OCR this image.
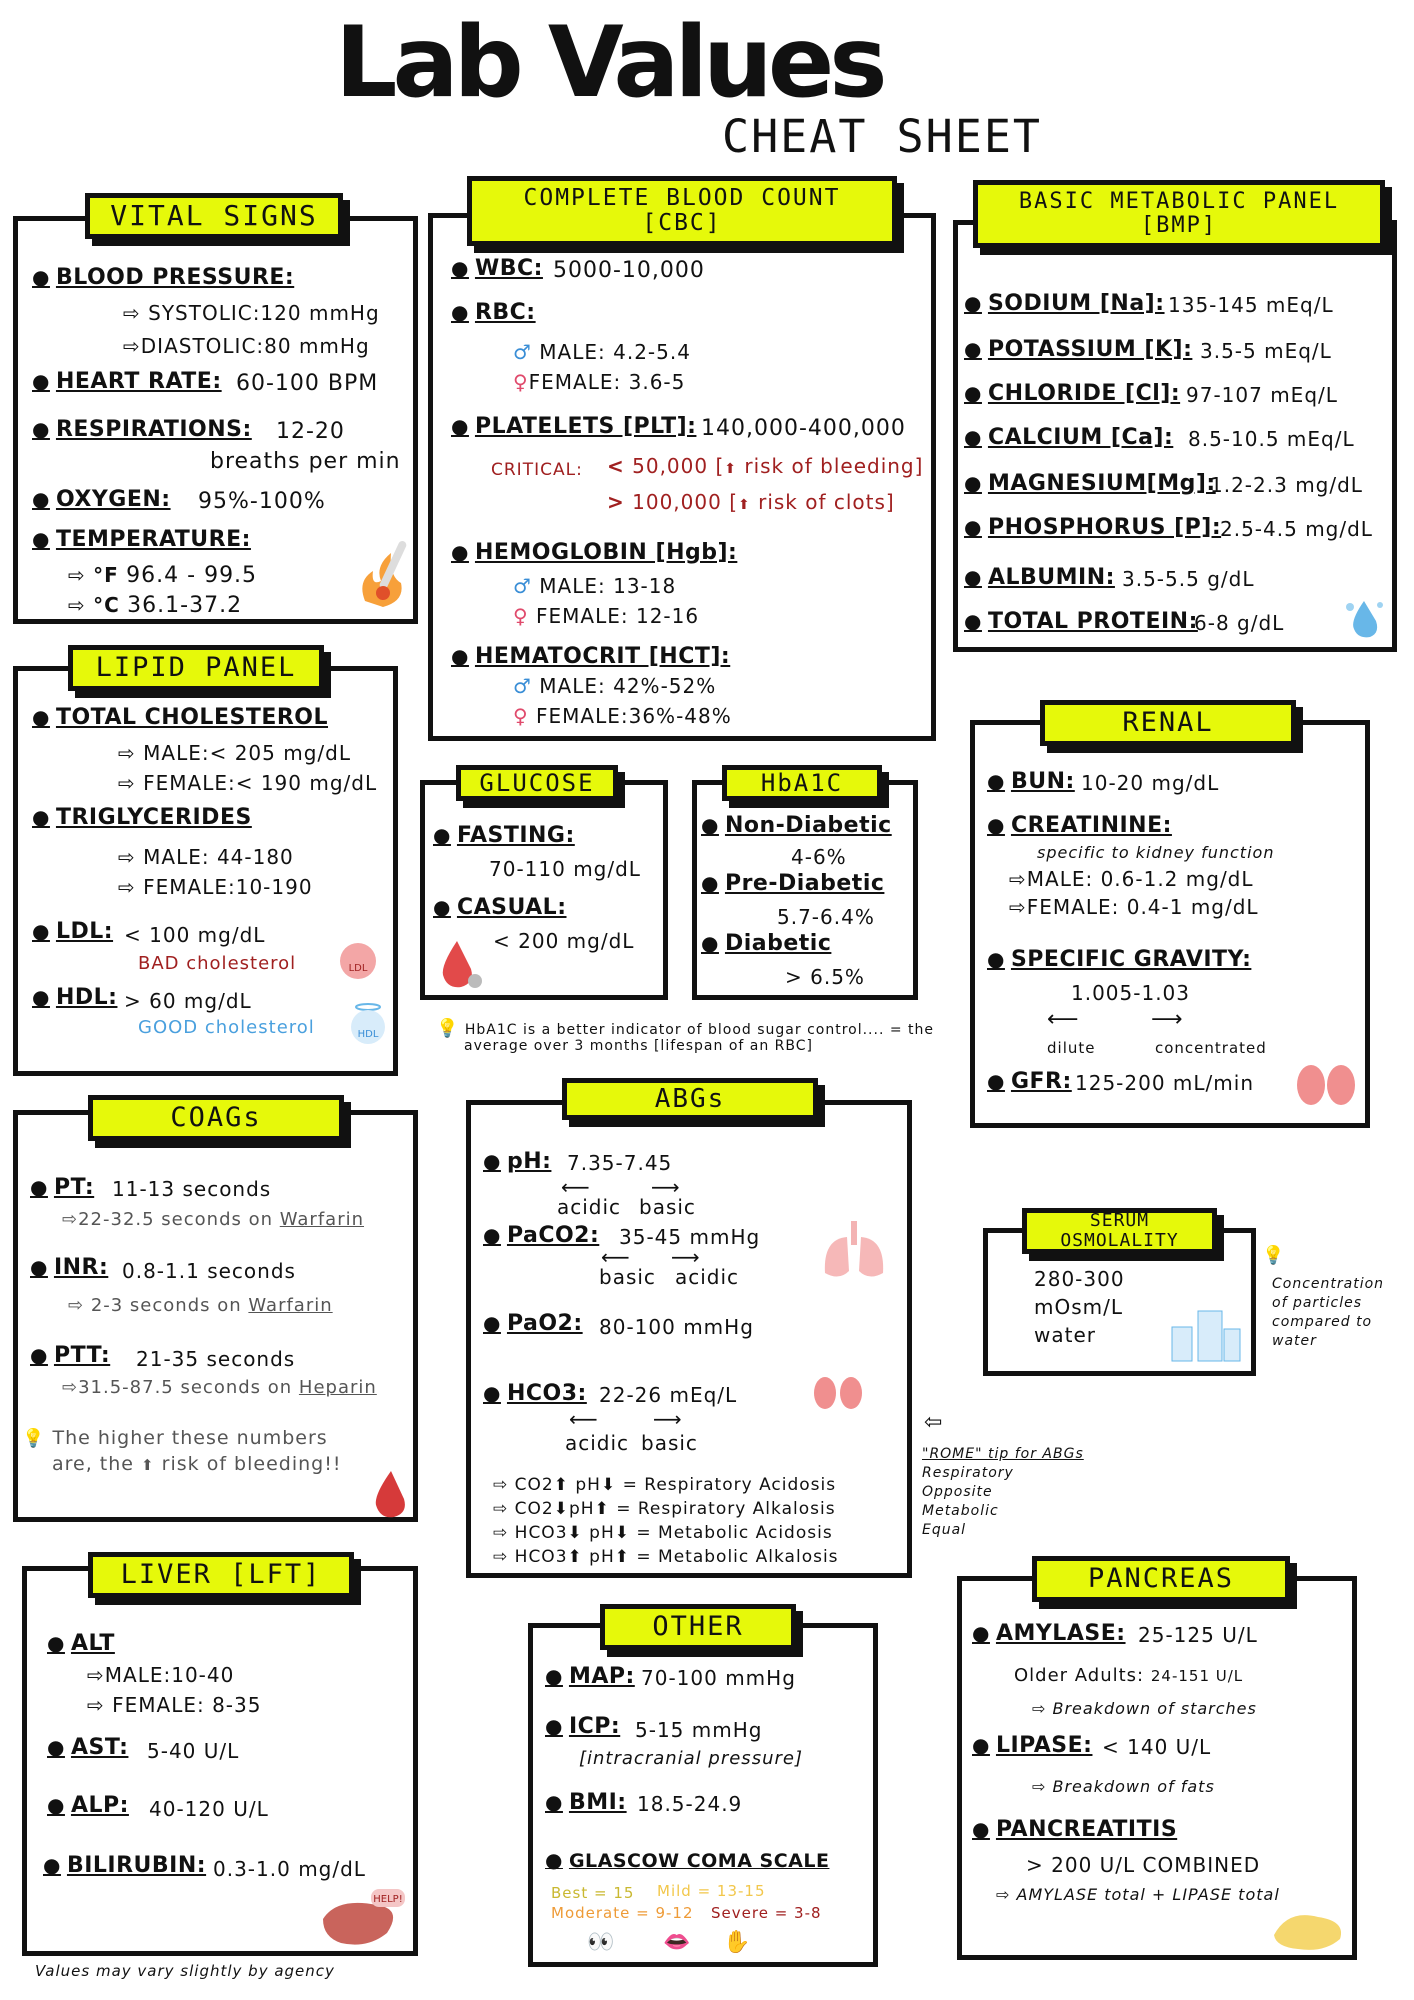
Lab Values
CHEAT SHEET
● BLOOD PRESSURE:
⇨ SYSTOLIC:120 mmHg
⇨DIASTOLIC:80 mmHg
● HEART RATE: 60-100 BPM
● RESPIRATIONS: 12-20
breaths per min
● OXYGEN: 95%-100%
● TEMPERATURE:
⇨ °F 96.4 - 99.5
⇨ °C 36.1-37.2
VITAL SIGNS
● WBC: 5000-10,000
● RBC:
♂ MALE: 4.2-5.4
♀FEMALE: 3.6-5
● PLATELETS [PLT]: 140,000-400,000
CRITICAL: < 50,000 [⬆ risk of bleeding]
> 100,000 [⬆ risk of clots]
● HEMOGLOBIN [Hgb]:
♂ MALE: 13-18
♀ FEMALE: 12-16
● HEMATOCRIT [HCT]:
♂ MALE: 42%-52%
♀ FEMALE:36%-48%
COMPLETE BLOOD COUNT [CBC]
● SODIUM [Na]: 135-145 mEq/L
● POTASSIUM [K]: 3.5-5 mEq/L
● CHLORIDE [Cl]: 97-107 mEq/L
● CALCIUM [Ca]: 8.5-10.5 mEq/L
● MAGNESIUM[Mg]:
1.2-2.3 mg/dL
● PHOSPHORUS [P]:
2.5-4.5 mg/dL
● ALBUMIN: 3.5-5.5 g/dL
● TOTAL PROTEIN:
6-8 g/dL
BASIC METABOLIC PANEL [BMP]
● TOTAL CHOLESTEROL
⇨ MALE:< 205 mg/dL
⇨ FEMALE:< 190 mg/dL
● TRIGLYCERIDES
⇨ MALE: 44-180
⇨ FEMALE:10-190
● LDL: < 100 mg/dL
BAD cholesterol
● HDL: > 60 mg/dL
GOOD cholesterol
LDL
HDL
LIPID PANEL
● FASTING:
70-110 mg/dL
● CASUAL:
< 200 mg/dL
GLUCOSE
● Non-Diabetic
4-6%
● Pre-Diabetic
5.7-6.4%
● Diabetic
> 6.5%
HbA1C
💡 HbA1C is a better indicator of blood sugar control.... = the
average over 3 months [lifespan of an RBC]
● BUN: 10-20 mg/dL
● CREATININE:
specific to kidney function
⇨MALE: 0.6-1.2 mg/dL
⇨FEMALE: 0.4-1 mg/dL
● SPECIFIC GRAVITY:
1.005-1.03
⟵	⟶
dilute	concentrated
● GFR: 125-200 mL/min
RENAL
● PT: 11-13 seconds
⇨22-32.5 seconds on Warfarin
● INR: 0.8-1.1 seconds
⇨ 2-3 seconds on Warfarin
● PTT: 21-35 seconds
⇨31.5-87.5 seconds on Heparin
💡 The higher these numbers
are, the ⬆ risk of bleeding!!
COAGs
● pH: 7.35-7.45
⟵	⟶
acidic basic
● PaCO2: 35-45 mmHg
⟵ ⟶
basic acidic
● PaO2: 80-100 mmHg
● HCO3: 22-26 mEq/L
⟵	⟶
acidic basic
⇨ CO2⬆ pH⬇ = Respiratory Acidosis
⇨ CO2⬇pH⬆ = Respiratory Alkalosis
⇨ HCO3⬇ pH⬇ = Metabolic Acidosis
⇨ HCO3⬆ pH⬆ = Metabolic Alkalosis
ABGs
⇦
"ROME" tip for ABGs
Respiratory
Opposite
Metabolic
Equal
280-300
mOsm/L
water
SERUM OSMOLALITY
💡
Concentration
of particles
compared to
water
● ALT
⇨MALE:10-40
⇨ FEMALE: 8-35
● AST: 5-40 U/L
● ALP: 40-120 U/L
● BILIRUBIN: 0.3-1.0 mg/dL
HELP!
LIVER [LFT]
● MAP: 70-100 mmHg
● ICP: 5-15 mmHg
[intracranial pressure]
● BMI: 18.5-24.9
● GLASCOW COMA SCALE
Best = 15 Mild = 13-15
Moderate = 9-12 Severe = 3-8
👀 👄 ✋
OTHER	● AMYLASE: 25-125 U/L
Older Adults: 24-151 U/L
⇨ Breakdown of starches
● LIPASE: < 140 U/L
⇨ Breakdown of fats
● PANCREATITIS
> 200 U/L COMBINED
⇨ AMYLASE total + LIPASE total
PANCREAS
Values may vary slightly by agency
